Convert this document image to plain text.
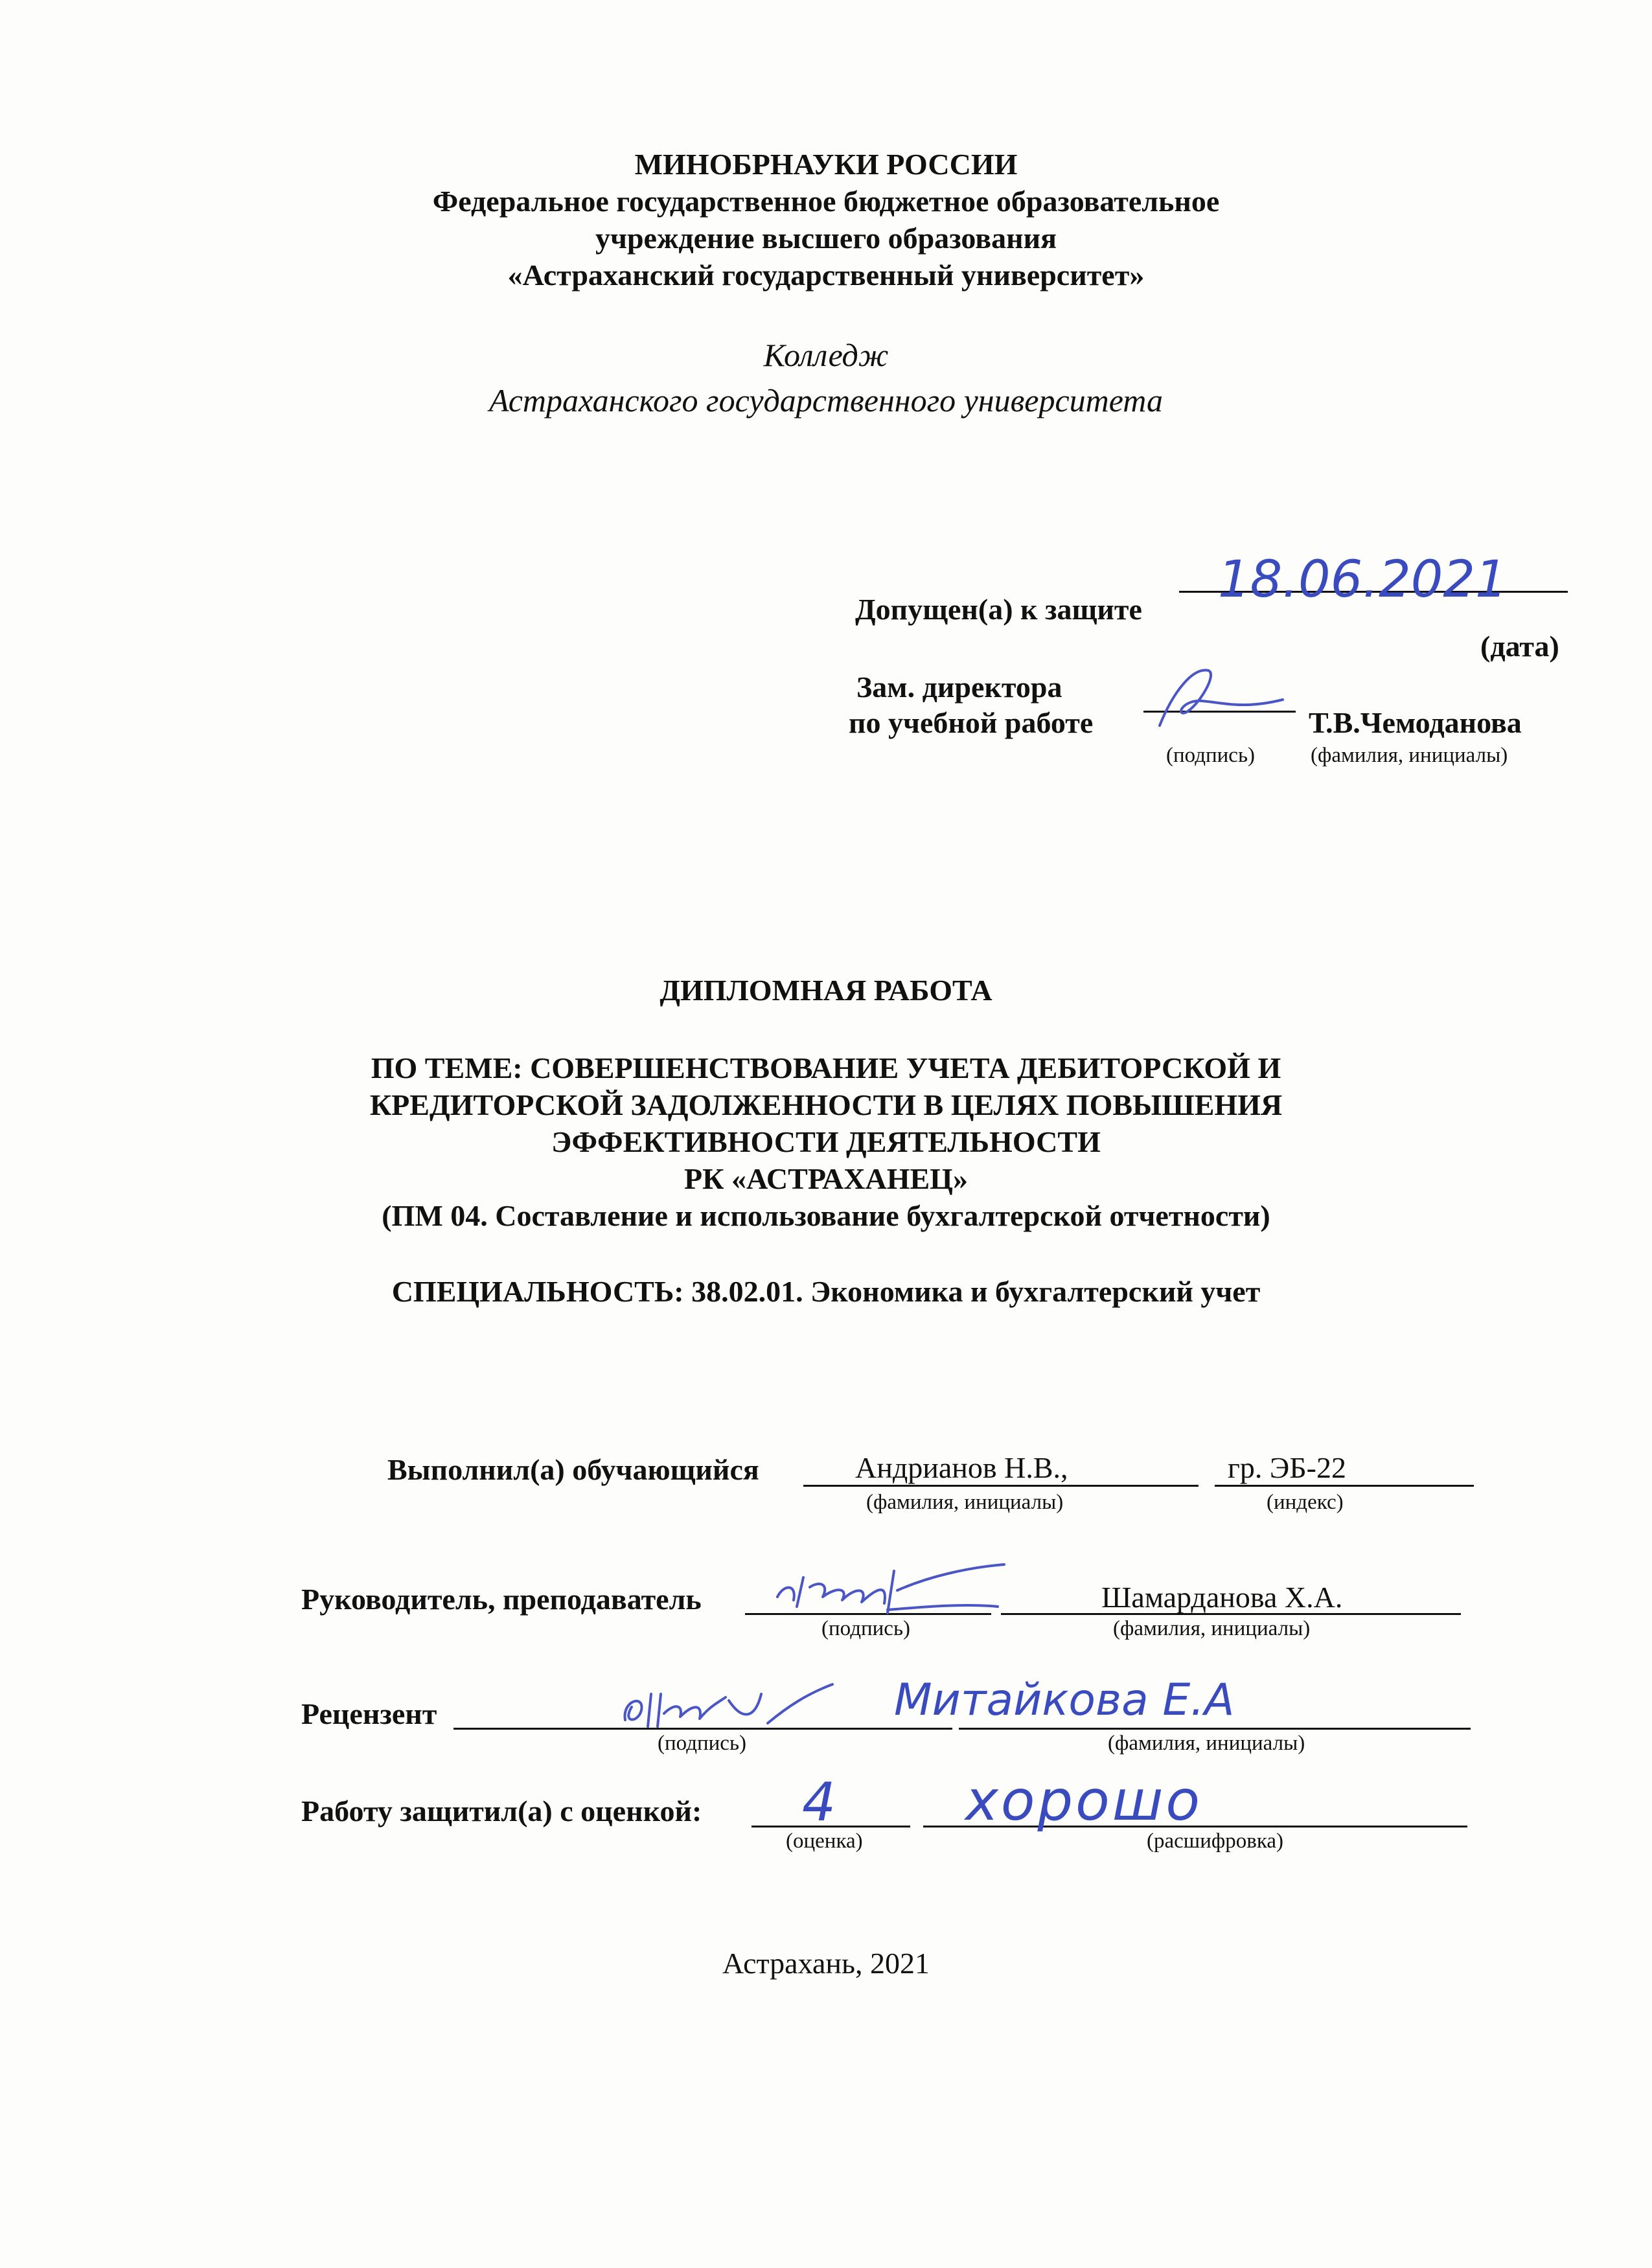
МИНОБРНАУКИ РОССИИ
Федеральное государственное бюджетное образовательное
учреждение высшего образования
«Астраханский государственный университет»
Колледж
Астраханского государственного университета
Допущен(а) к защите
18.06.2021
(дата)
Зам. директора
по учебной работе	Т.В.Чемоданова
(подпись)	(фамилия, инициалы)
ДИПЛОМНАЯ РАБОТА
ПО ТЕМЕ: СОВЕРШЕНСТВОВАНИЕ УЧЕТА ДЕБИТОРСКОЙ И
КРЕДИТОРСКОЙ ЗАДОЛЖЕННОСТИ В ЦЕЛЯХ ПОВЫШЕНИЯ
ЭФФЕКТИВНОСТИ ДЕЯТЕЛЬНОСТИ
РК «АСТРАХАНЕЦ»
(ПМ 04. Составление и использование бухгалтерской отчетности)
СПЕЦИАЛЬНОСТЬ: 38.02.01. Экономика и бухгалтерский учет
Выполнил(а) обучающийся	Андрианов Н.В.,	гр. ЭБ-22
(фамилия, инициалы)	(индекс)
Руководитель, преподаватель	Шамарданова Х.А.
(подпись)	(фамилия, инициалы)
Рецензент	Митайкова Е.А
(подпись)	(фамилия, инициалы)
Работу защитил(а) с оценкой: 4 хорошо
(оценка)	(расшифровка)
Астрахань, 2021
